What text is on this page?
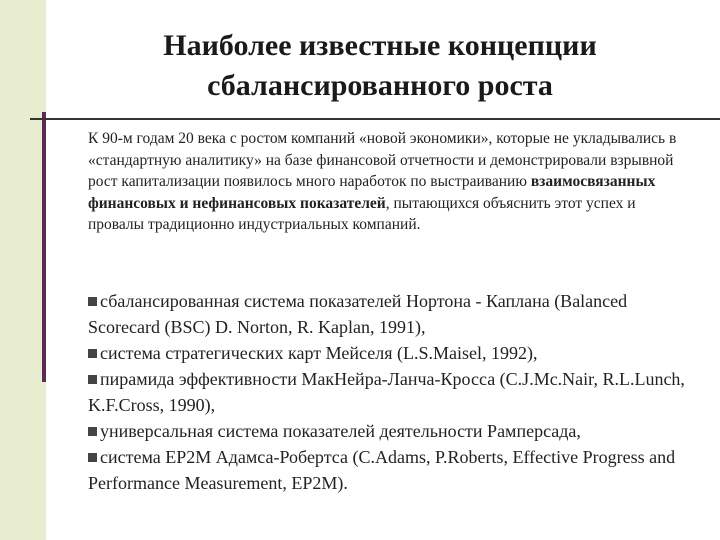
Наиболее известные концепции
сбалансированного роста

К 90-м годам 20 века с ростом компаний «новой экономики», которые не укладывались в «стандартную аналитику» на базе финансовой отчетности и демонстрировали взрывной рост капитализации появилось много наработок по выстраиванию взаимосвязанных финансовых и нефинансовых показателей, пытающихся объяснить этот успех и провалы традиционно индустриальных компаний.

сбалансированная система показателей Нортона - Каплана (Balanced Scorecard (BSC) D. Norton, R. Kaplan, 1991),
система стратегических карт Мейселя (L.S.Maisel, 1992),
пирамида эффективности МакНейра-Ланча-Кросса (C.J.Mc.Nair, R.L.Lunch, K.F.Cross, 1990),
универсальная система показателей деятельности Рамперсада,
система EP2M Адамса-Робертса (C.Adams, P.Roberts, Effective Progress and Performance Measurement, EP2M).
